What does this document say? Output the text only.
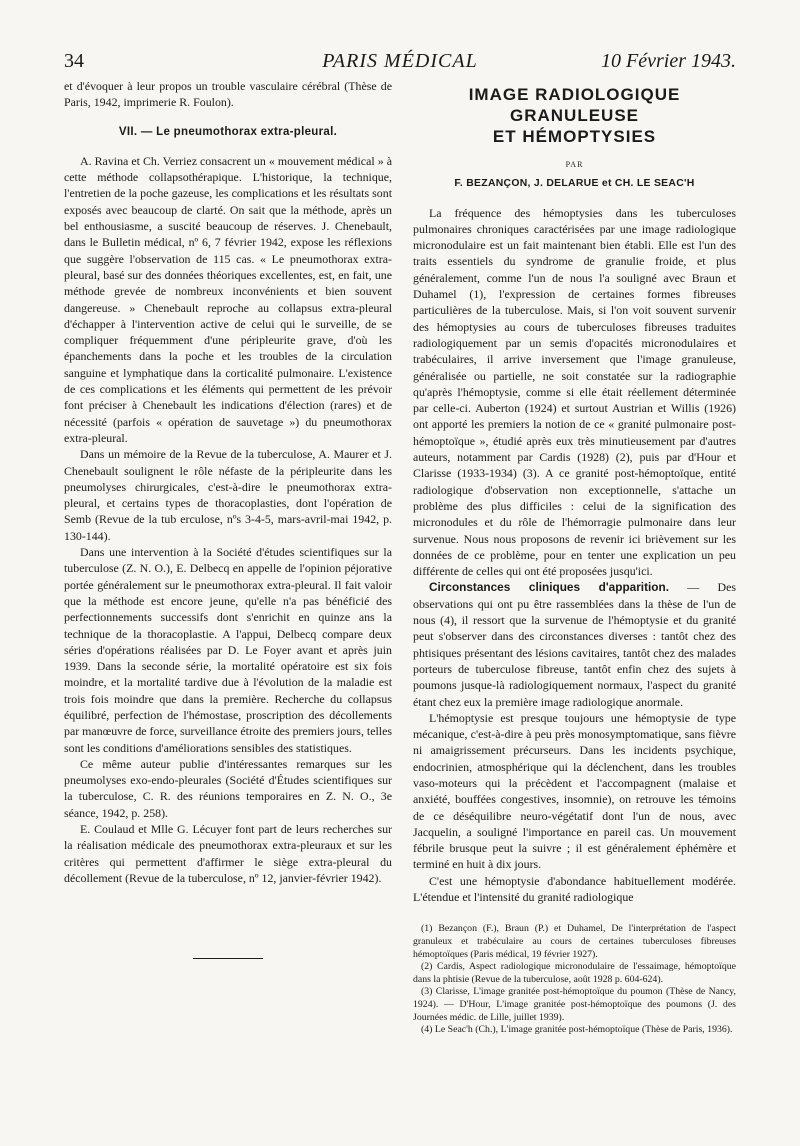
34	PARIS MÉDICAL	10 Février 1943.

et d'évoquer à leur propos un trouble vasculaire cérébral (Thèse de Paris, 1942, imprimerie R. Foulon).

VII. — Le pneumothorax extra-pleural.

A. Ravina et Ch. Verriez consacrent un « mouvement médical » à cette méthode collapsothérapique. L'historique, la technique, l'entretien de la poche gazeuse, les complications et les résultats sont exposés avec beaucoup de clarté. On sait que la méthode, après un bel enthousiasme, a suscité beaucoup de réserves. J. Chenebault, dans le Bulletin médical, nº 6, 7 février 1942, expose les réflexions que suggère l'observation de 115 cas. « Le pneumothorax extra-pleural, basé sur des données théoriques excellentes, est, en fait, une méthode grevée de nombreux inconvénients et bien souvent dangereuse. » Chenebault reproche au collapsus extra-pleural d'échapper à l'intervention active de celui qui le surveille, de se compliquer fréquemment d'une péripleurite grave, d'où les épanchements dans la poche et les troubles de la circulation sanguine et lymphatique dans la corticalité pulmonaire. L'existence de ces complications et les éléments qui permettent de les prévoir font préciser à Chenebault les indications d'élection (rares) et de nécessité (parfois « opération de sauvetage ») du pneumothorax extra-pleural.

Dans un mémoire de la Revue de la tuberculose, A. Maurer et J. Chenebault soulignent le rôle néfaste de la péripleurite dans les pneumolyses chirurgicales, c'est-à-dire le pneumothorax extra-pleural, et certains types de thoracoplasties, dont l'opération de Semb (Revue de la tub erculose, nºs 3-4-5, mars-avril-mai 1942, p. 130-144).

Dans une intervention à la Société d'études scientifiques sur la tuberculose (Z. N. O.), E. Delbecq en appelle de l'opinion péjorative portée généralement sur le pneumothorax extra-pleural. Il fait valoir que la méthode est encore jeune, qu'elle n'a pas bénéficié des perfectionnements successifs dont s'enrichit en quinze ans la technique de la thoracoplastie. A l'appui, Delbecq compare deux séries d'opérations réalisées par D. Le Foyer avant et après juin 1939. Dans la seconde série, la mortalité opératoire est six fois moindre, et la mortalité tardive due à l'évolution de la maladie est trois fois moindre que dans la première. Recherche du collapsus équilibré, perfection de l'hémostase, proscription des décollements par manœuvre de force, surveillance étroite des premiers jours, telles sont les conditions d'améliorations sensibles des statistiques.

Ce même auteur publie d'intéressantes remarques sur les pneumolyses exo-endo-pleurales (Société d'Études scientifiques sur la tuberculose, C. R. des réunions temporaires en Z. N. O., 3e séance, 1942, p. 258).

E. Coulaud et Mlle G. Lécuyer font part de leurs recherches sur la réalisation médicale des pneumothorax extra-pleuraux et sur les critères qui permettent d'affirmer le siège extra-pleural du décollement (Revue de la tuberculose, nº 12, janvier-février 1942).

IMAGE RADIOLOGIQUE
GRANULEUSE
ET HÉMOPTYSIES
PAR
F. BEZANÇON, J. DELARUE et CH. LE SEAC'H

La fréquence des hémoptysies dans les tuberculoses pulmonaires chroniques caractérisées par une image radiologique micronodulaire est un fait maintenant bien établi. Elle est l'un des traits essentiels du syndrome de granulie froide, et plus généralement, comme l'un de nous l'a souligné avec Braun et Duhamel (1), l'expression de certaines formes fibreuses particulières de la tuberculose. Mais, si l'on voit souvent survenir des hémoptysies au cours de tuberculoses fibreuses traduites radiologiquement par un semis d'opacités micronodulaires et trabéculaires, il arrive inversement que l'image granuleuse, généralisée ou partielle, ne soit constatée sur la radiographie qu'après l'hémoptysie, comme si elle était réellement déterminée par celle-ci. Auberton (1924) et surtout Austrian et Willis (1926) ont apporté les premiers la notion de ce « granité pulmonaire post-hémoptoïque », étudié après eux très minutieusement par d'autres auteurs, notamment par Cardis (1928) (2), puis par d'Hour et Clarisse (1933-1934) (3). A ce granité post-hémoptoïque, entité radiologique d'observation non exceptionnelle, s'attache un problème des plus difficiles : celui de la signification des micronodules et du rôle de l'hémorragie pulmonaire dans leur survenue. Nous nous proposons de revenir ici brièvement sur les données de ce problème, pour en tenter une explication un peu différente de celles qui ont été proposées jusqu'ici.

Circonstances cliniques d'apparition. — Des observations qui ont pu être rassemblées dans la thèse de l'un de nous (4), il ressort que la survenue de l'hémoptysie et du granité peut s'observer dans des circonstances diverses : tantôt chez des phtisiques présentant des lésions cavitaires, tantôt chez des malades porteurs de tuberculose fibreuse, tantôt enfin chez des sujets à poumons jusque-là radiologiquement normaux, l'aspect du granité étant chez eux la première image radiologique anormale.

L'hémoptysie est presque toujours une hémoptysie de type mécanique, c'est-à-dire à peu près monosymptomatique, sans fièvre ni amaigrissement précurseurs. Dans les incidents psychique, endocrinien, atmosphérique qui la déclenchent, dans les troubles vaso-moteurs qui la précèdent et l'accompagnent (malaise et anxiété, bouffées congestives, insomnie), on retrouve les témoins de ce déséquilibre neuro-végétatif dont l'un de nous, avec Jacquelin, a souligné l'importance en pareil cas. Un mouvement fébrile brusque peut la suivre ; il est généralement éphémère et terminé en huit à dix jours.

C'est une hémoptysie d'abondance habituellement modérée. L'étendue et l'intensité du granité radiologique

(1) Bezançon (F.), Braun (P.) et Duhamel, De l'interprétation de l'aspect granuleux et trabéculaire au cours de certaines tuberculoses fibreuses hémoptoïques (Paris médical, 19 février 1927).

(2) Cardis, Aspect radiologique micronodulaire de l'essaimage, hémoptoïque dans la phtisie (Revue de la tuberculose, août 1928 p. 604-624).

(3) Clarisse, L'image granitée post-hémoptoïque du poumon (Thèse de Nancy, 1924). — D'Hour, L'image granitée post-hémoptoïque des poumons (J. des Journées médic. de Lille, juillet 1939).

(4) Le Seac'h (Ch.), L'image granitée post-hémoptoïque (Thèse de Paris, 1936).
